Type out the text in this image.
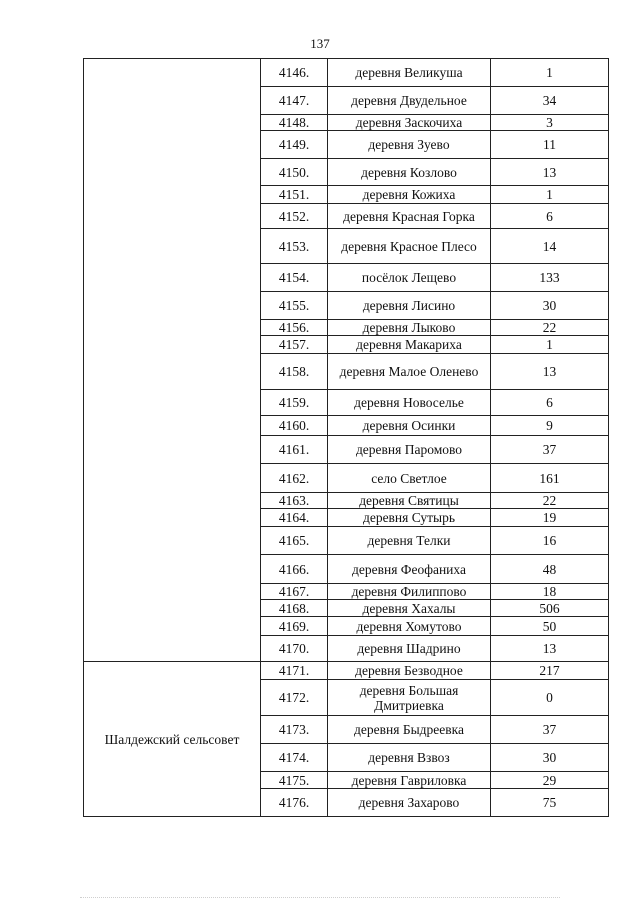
137
	4146.	деревня Великуша	1
	4147.	деревня Двудельное	34
	4148.	деревня Заскочиха	3
	4149.	деревня Зуево	11
	4150.	деревня Козлово	13
	4151.	деревня Кожиха	1
	4152.	деревня Красная Горка	6
	4153.	деревня Красное Плесо	14
	4154.	посёлок Лещево	133
	4155.	деревня Лисино	30
	4156.	деревня Лыково	22
	4157.	деревня Макариха	1
	4158.	деревня Малое Оленево	13
	4159.	деревня Новоселье	6
	4160.	деревня Осинки	9
	4161.	деревня Паромово	37
	4162.	село Светлое	161
	4163.	деревня Святицы	22
	4164.	деревня Сутырь	19
	4165.	деревня Телки	16
	4166.	деревня Феофаниха	48
	4167.	деревня Филиппово	18
	4168.	деревня Хахалы	506
	4169.	деревня Хомутово	50
	4170.	деревня Шадрино	13
Шалдежский сельсовет	4171.	деревня Безводное	217
	4172.	деревня Большая Дмитриевка	0
	4173.	деревня Быдреевка	37
	4174.	деревня Взвоз	30
	4175.	деревня Гавриловка	29
	4176.	деревня Захарово	75
